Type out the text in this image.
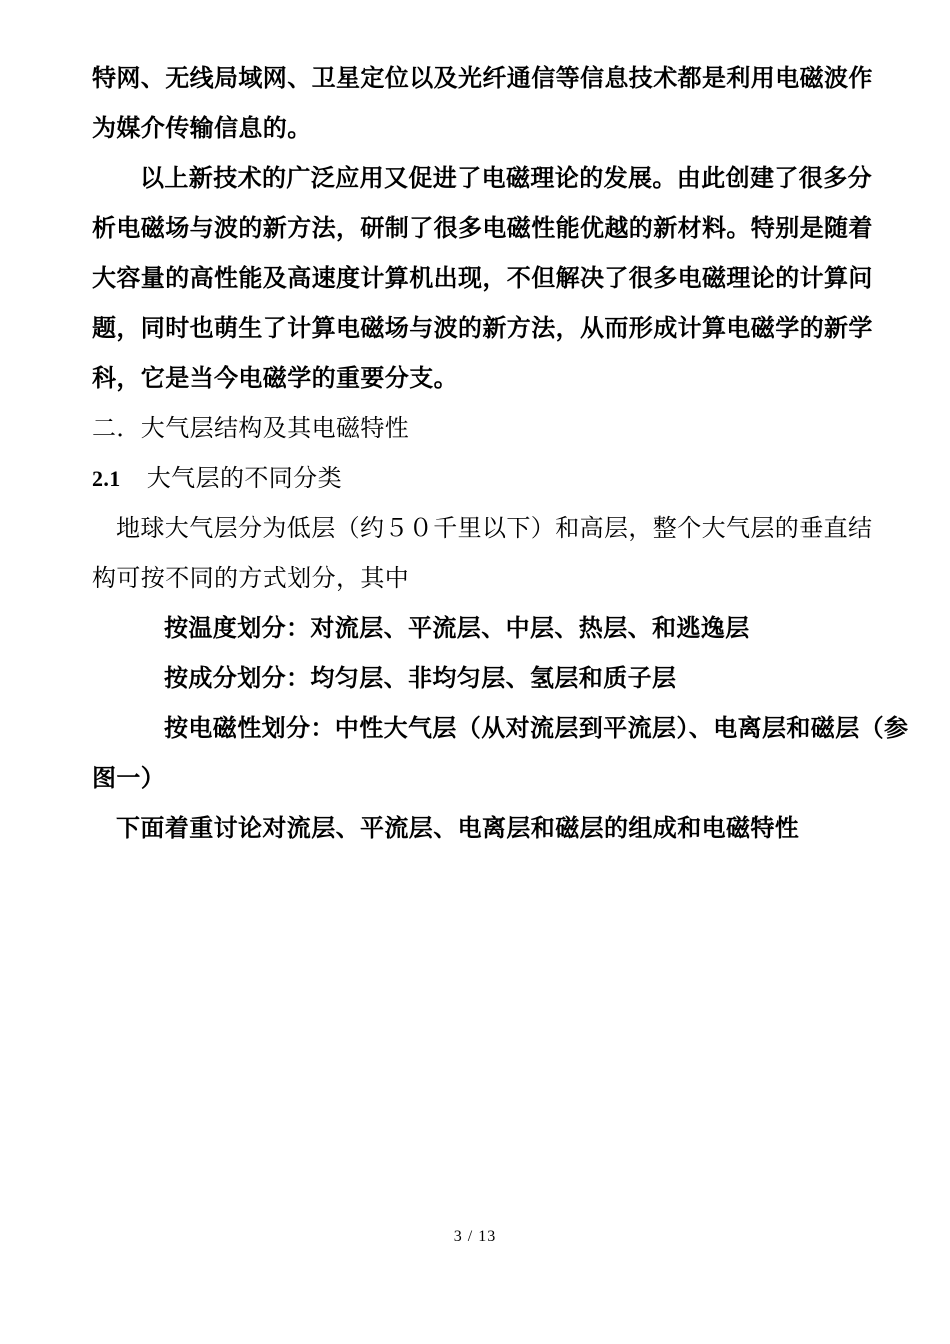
特网、无线局域网、卫星定位以及光纤通信等信息技术都是利用电磁波作
为媒介传输信息的。
以上新技术的广泛应用又促进了电磁理论的发展。由此创建了很多分
析电磁场与波的新方法，研制了很多电磁性能优越的新材料。特别是随着
大容量的高性能及高速度计算机出现，不但解决了很多电磁理论的计算问
题，同时也萌生了计算电磁场与波的新方法，从而形成计算电磁学的新学
科，它是当今电磁学的重要分支。
二．大气层结构及其电磁特性
2.1 大气层的不同分类
地球大气层分为低层（约５０千里以下）和高层，整个大气层的垂直结
构可按不同的方式划分，其中
按温度划分：对流层、平流层、中层、热层、和逃逸层
按成分划分：均匀层、非均匀层、氢层和质子层
按电磁性划分：中性大气层（从对流层到平流层）、电离层和磁层（参
图一）
下面着重讨论对流层、平流层、电离层和磁层的组成和电磁特性
3 / 13
